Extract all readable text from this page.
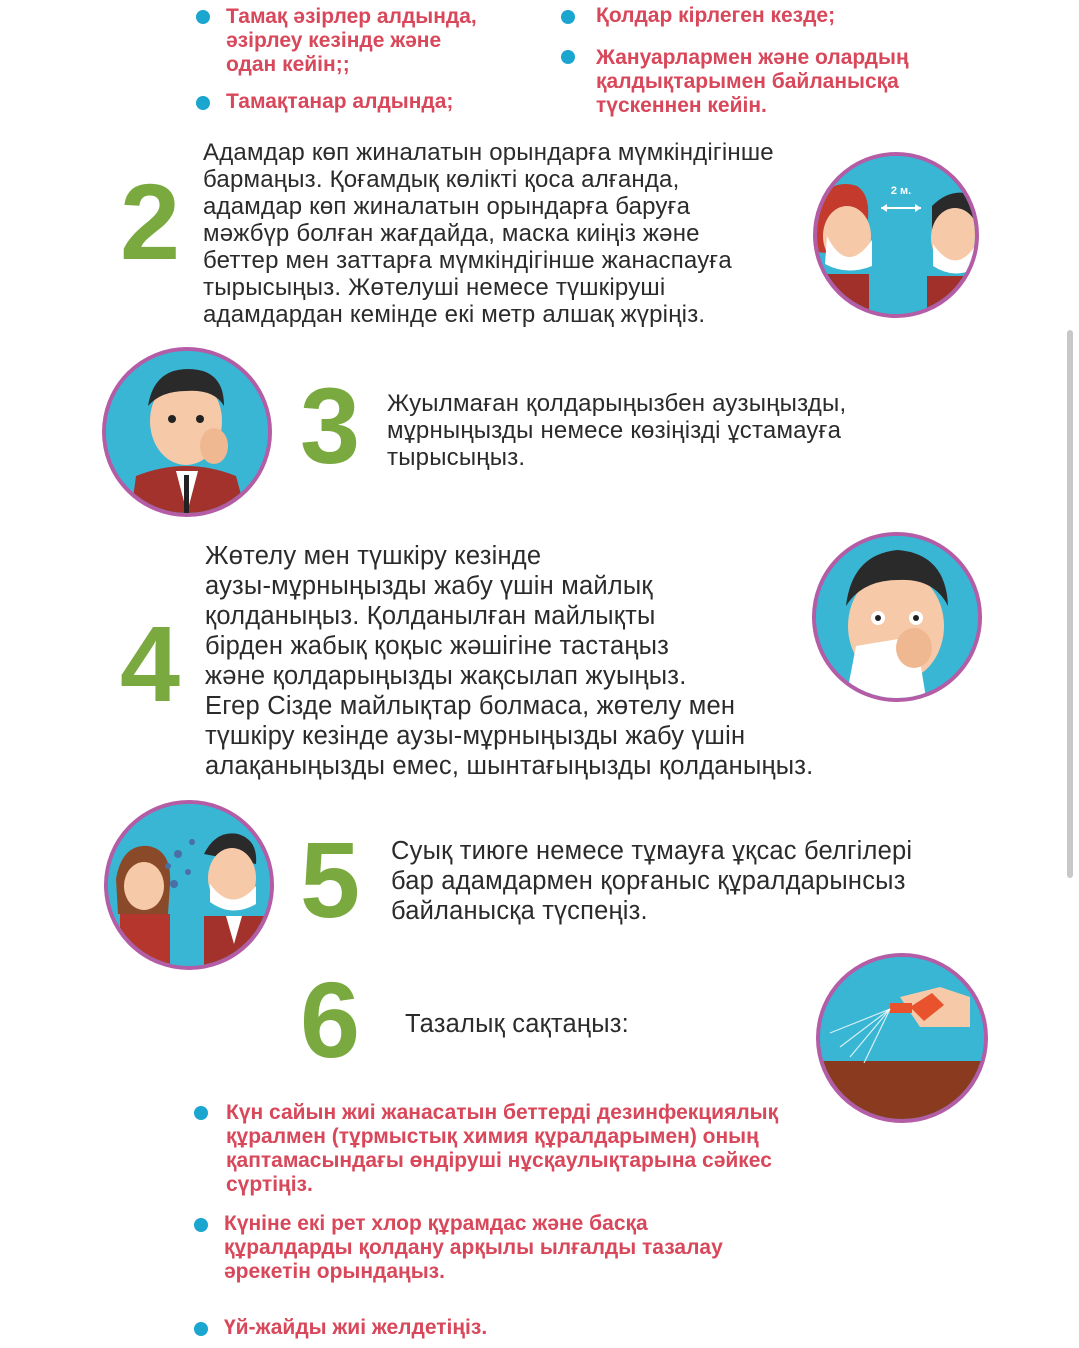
Тамақ әзірлер алдында,
әзірлеу кезінде және
одан кейін;;
Тамақтанар алдында;
Қолдар кірлеген кезде;
Жануарлармен және олардың
қалдықтарымен байланысқа
түскеннен кейін.
2
Адамдар көп жиналатын орындарға мүмкіндігінше
бармаңыз. Қоғамдық көлікті қоса алғанда,
адамдар көп жиналатын орындарға баруға
мәжбүр болған жағдайда, маска киіңіз және
беттер мен заттарға мүмкіндігінше жанаспауға
тырысыңыз. Жөтелуші немесе түшкіруші
адамдардан кемінде екі метр алшақ жүріңіз.
2 м.
3 Жуылмаған қолдарыңызбен аузыңызды,
мұрныңызды немесе көзіңізді ұстамауға
тырысыңыз.
4
Жөтелу мен түшкіру кезінде
аузы-мұрныңызды жабу үшін майлық
қолданыңыз. Қолданылған майлықты
бірден жабық қоқыс жәшігіне тастаңыз
және қолдарыңызды жақсылап жуыңыз.
Егер Сізде майлықтар болмаса, жөтелу мен
түшкіру кезінде аузы-мұрныңызды жабу үшін
алақаныңызды емес, шынтағыңызды қолданыңыз.
5 Суық тиюге немесе тұмауға ұқсас белгілері
бар адамдармен қорғаныс құралдарынсыз
байланысқа түспеңіз.
6 Тазалық сақтаңыз:
Күн сайын жиі жанасатын беттерді дезинфекциялық
құралмен (тұрмыстық химия құралдарымен) оның
қаптамасындағы өндіруші нұсқаулықтарына сәйкес
сүртіңіз.
Күніне екі рет хлор құрамдас және басқа
құралдарды қолдану арқылы ылғалды тазалау
әрекетін орындаңыз.
Үй-жайды жиі желдетіңіз.
